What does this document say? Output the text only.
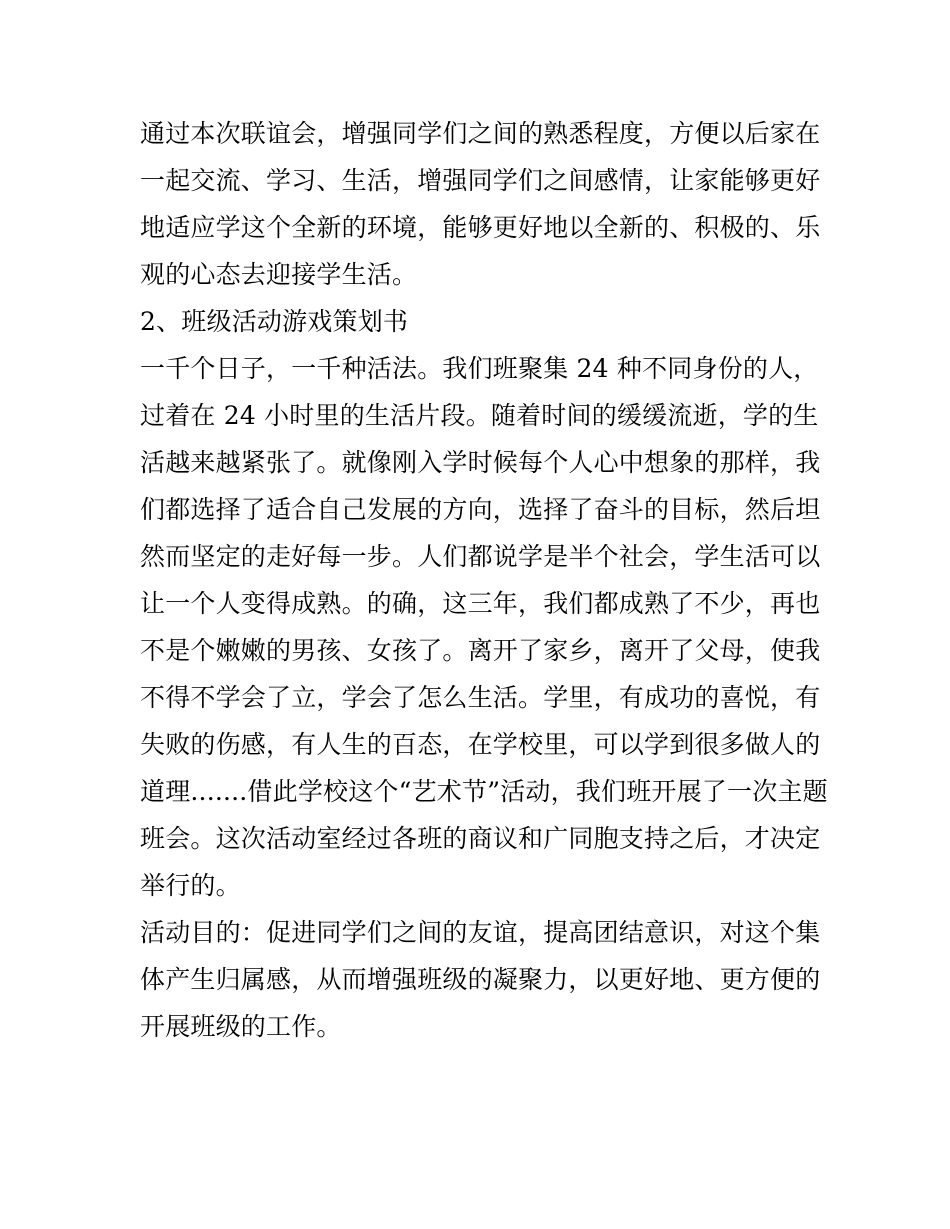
通过本次联谊会，增强同学们之间的熟悉程度，方便以后家在
一起交流、学习、生活，增强同学们之间感情，让家能够更好
地适应学这个全新的环境，能够更好地以全新的、积极的、乐
观的心态去迎接学生活。
2、班级活动游戏策划书
一千个日子，一千种活法。我们班聚集 24 种不同身份的人，
过着在 24 小时里的生活片段。随着时间的缓缓流逝，学的生
活越来越紧张了。就像刚入学时候每个人心中想象的那样，我
们都选择了适合自己发展的方向，选择了奋斗的目标，然后坦
然而坚定的走好每一步。人们都说学是半个社会，学生活可以
让一个人变得成熟。的确，这三年，我们都成熟了不少，再也
不是个嫩嫩的男孩、女孩了。离开了家乡，离开了父母，使我
不得不学会了立，学会了怎么生活。学里，有成功的喜悦，有
失败的伤感，有人生的百态，在学校里，可以学到很多做人的
道理.......借此学校这个“艺术节”活动，我们班开展了一次主题
班会。这次活动室经过各班的商议和广同胞支持之后，才决定
举行的。
活动目的：促进同学们之间的友谊，提高团结意识，对这个集
体产生归属感，从而增强班级的凝聚力，以更好地、更方便的
开展班级的工作。
